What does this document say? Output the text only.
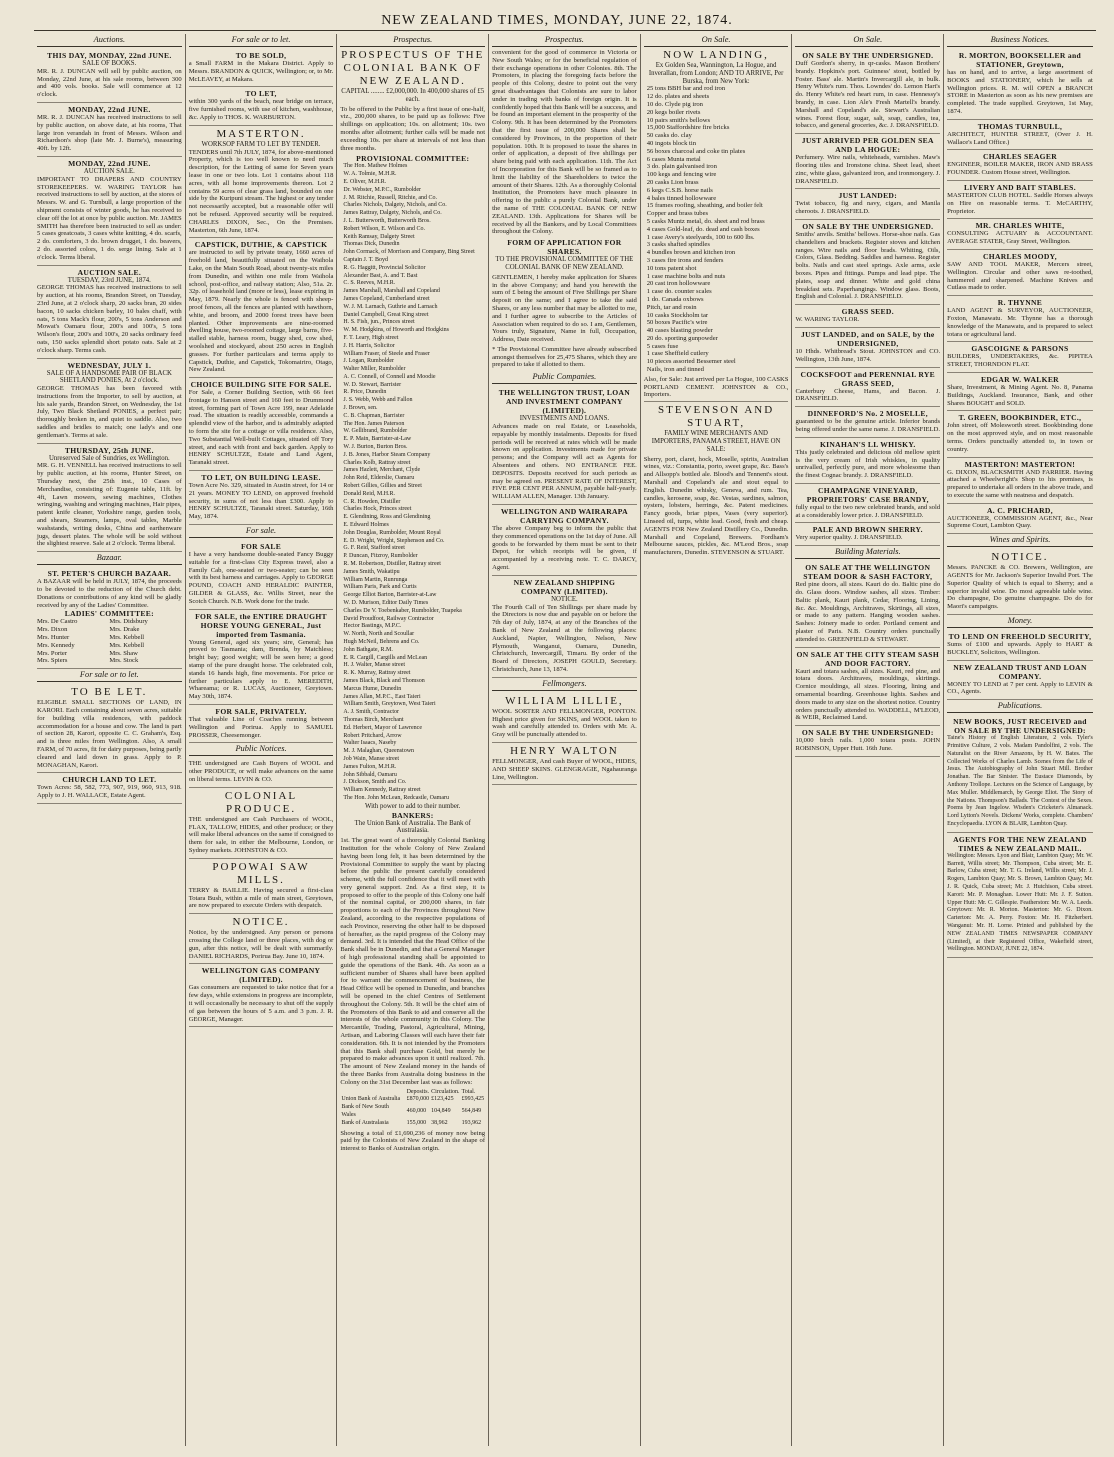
NEW ZEALAND TIMES, MONDAY, JUNE 22, 1874.
Auctions.
THIS DAY, MONDAY, 22nd JUNE.
SALE OF BOOKS.

MR. R. J. DUNCAN will sell by public auction, on Monday, 22nd June, at his sale rooms, between 300 and 400 vols. books. Sale will commence at 12 o'clock.

MONDAY, 22nd JUNE.

MR. R. J. DUNCAN has received instructions to sell by public auction, on above date, at his rooms, That large iron verandah in front of Messrs. Wilson and Richardson's shop (late Mr. J. Burne's), measuring 40ft. by 12ft.

MONDAY, 22nd JUNE.
AUCTION SALE.

IMPORTANT TO DRAPERS AND COUNTRY STOREKEEPERS. W. WARING TAYLOR has received instructions to sell by auction, at the stores of Messrs. W. and G. Turnbull, a large proportion of the shipment consists of winter goods, he has received to clear off the lot at once by public auction. Mr. JAMES SMITH has therefore been instructed to sell as under: 5 cases greatcoats, 3 cases white knitting, 4 do. scarfs, 2 do. comforters, 3 do. brown drugget, 1 do. beavers, 2 do. assorted colors, 1 do. serge lining. Sale at 1 o'clock. Terms liberal.

AUCTION SALE.
TUESDAY, 23rd JUNE, 1874.

GEORGE THOMAS has received instructions to sell by auction, at his rooms, Brandon Street, on Tuesday, 23rd June, at 2 o'clock sharp, 20 sacks bran, 20 sides bacon, 10 sacks chicken barley, 10 bales chaff, with oats, 5 tons Mack's flour, 200's, 5 tons Anderson and Mowat's Oamaru flour, 200's and 100's, 5 tons Wilson's flour, 200's and 100's, 20 sacks ordinary feed oats, 150 sacks splendid short potato oats. Sale at 2 o'clock sharp. Terms cash.

WEDNESDAY, JULY 1.
SALE OF A HANDSOME PAIR OF BLACK SHETLAND PONIES, At 2 o'clock.

GEORGE THOMAS has been favored with instructions from the Importer, to sell by auction, at his sale yards, Brandon Street, on Wednesday, the 1st July, Two Black Shetland PONIES, a perfect pair; thoroughly broken in, and quiet to saddle. Also, two saddles and bridles to match; one lady's and one gentleman's. Terms at sale.

THURSDAY, 25th JUNE.
Unreserved Sale of Sundries, ex Wellington.

MR. G. H. VENNELL has received instructions to sell by public auction, at his rooms, Hunter Street, on Thursday next, the 25th inst., 10 Cases of Merchandise, consisting of: Eugenie table, 11ft. by 4ft, Lawn mowers, sewing machines, Clothes wringing, washing and wringing machines, Hair pipes, patent knife cleaner, Yorkshire range, garden tools, and shears, Steamers, lamps, oval tables, Marble washstands, writing desks, China and earthenware jugs, dessert plates. The whole will be sold without the slightest reserve. Sale at 2 o'clock. Terms liberal.

Bazaar.
ST. PETER'S CHURCH BAZAAR.

A BAZAAR will be held in JULY, 1874, the proceeds to be devoted to the reduction of the Church debt. Donations or contributions of any kind will be gladly received by any of the Ladies' Committee.

LADIES' COMMITTEE:
Mrs. De Castro	Mrs. Didsbury
Mrs. Dixon	Mrs. Drake
Mrs. Hunter	Mrs. Kebbell
Mrs. Kennedy	Mrs. Kebbell
Mrs. Porter	Mrs. Shaw
Mrs. Spiers	Mrs. Stock
For sale or to let.
TO BE LET.

ELIGIBLE SMALL SECTIONS OF LAND, IN KARORI. Each containing about seven acres, suitable for building villa residences, with paddock accommodation for a house and cow. The land is part of section 28, Karori, opposite C. C. Graham's, Esq. and is three miles from Wellington. Also, A small FARM, of 70 acres, fit for dairy purposes, being partly cleared and laid down in grass. Apply to P. MONAGHAN, Karori.

CHURCH LAND TO LET.

Town Acres: 58, 582, 773, 907, 919, 960, 913, 918. Apply to J. H. WALLACE, Estate Agent.

For sale or to let.
TO BE SOLD,

a Small FARM in the Makara District. Apply to Messrs. BRANDON & QUICK, Wellington; or, to Mr. McLEAVEY, at Makara.

TO LET,

within 300 yards of the beach, near bridge on terrace, five furnished rooms, with use of kitchen, washhouse, &c. Apply to THOS. K. WARBURTON.

MASTERTON.
WORKSOP FARM TO LET BY TENDER.

TENDERS until 7th JULY, 1874, for above-mentioned Property, which is too well known to need much description, for the Letting of same for Seven years lease in one or two lots. Lot 1 contains about 118 acres, with all home improvements thereon. Lot 2 contains 59 acres of clear grass land, bounded on one side by the Kuripuni stream. The highest or any tender not necessarily accepted, but a reasonable offer will not be refused. Approved security will be required. CHARLES DIXON, Sec., On the Premises. Masterton, 6th June, 1874.

CAPSTICK, DUTHIE, & CAPSTICK

are instructed to sell by private treaty, 1660 acres of freehold land, beautifully situated on the Waihola Lake, on the Main South Road, about twenty-six miles from Dunedin, and within one mile from Waihola school, post-office, and railway station; Also, 51a. 2r. 32p. of leasehold land (more or less), lease expiring in May, 1879. Nearly the whole is fenced with sheep-proof fences, all the fences are planted with hawthorn, white, and broom, and 2000 forest trees have been planted. Other improvements are nine-roomed dwelling house, two-roomed cottage, large barns, five-stalled stable, harness room, buggy shed, cow shed, woolshed and stockyard, about 250 acres in English grasses. For further particulars and terms apply to Capstick, Duthie, and Capstick, Tokomairiro, Otago, New Zealand.

CHOICE BUILDING SITE FOR SALE.

For Sale, a Corner Building Section, with 66 feet frontage to Hanson street and 160 feet to Drummond street, forming part of Town Acre 199, near Adelaide road. The situation is readily accessible, commands a splendid view of the harbor, and is admirably adapted to form the site for a cottage or villa residence. Also, Two Substantial Well-built Cottages, situated off Tory street, and each with front and back garden. Apply to HENRY SCHULTZE, Estate and Land Agent, Taranaki street.

TO LET, ON BUILDING LEASE.

Town Acre No. 329, situated in Austin street, for 14 or 21 years. MONEY TO LEND, on approved freehold security, in sums of not less than £300. Apply to HENRY SCHULTZE, Taranaki street. Saturday, 16th May, 1874.

For sale.
FOR SALE

I have a very handsome double-seated Fancy Buggy suitable for a first-class City Express travel, also a Family Cab, one-seated or two-seater; can be seen with its best harness and carriages. Apply to GEORGE POUND, COACH AND HERALDIC PAINTER, GILDER & GLASS, &c. Willis Street, near the Scotch Church. N.B. Work done for the trade.

FOR SALE, the ENTIRE DRAUGHT HORSE YOUNG GENERAL, Just imported from Tasmania.

Young General, aged six years; sire, General; has proved to Tasmania; dam, Brenda, by Matchless; bright bay; good weight; will be seen here; a good stamp of the pure draught horse. The celebrated colt, stands 16 hands high, fine movements. For price or further particulars apply to E. MEREDITH, Whareama; or R. LUCAS, Auctioneer, Greytown. May 30th, 1874.

FOR SALE, PRIVATELY.

That valuable Line of Coaches running between Wellington and Porirua. Apply to SAMUEL PROSSER, Cheesemonger.

Public Notices.

THE undersigned are Cash Buyers of WOOL and other PRODUCE, or will make advances on the same on liberal terms. LEVIN & CO.

COLONIAL PRODUCE.

THE undersigned are Cash Purchasers of WOOL, FLAX, TALLOW, HIDES, and other produce; or they will make liberal advances on the same if consigned to them for sale, in either the Melbourne, London, or Sydney markets. JOHNSTON & CO.

POPOWAI SAW MILLS.

TERRY & BAILLIE. Having secured a first-class Totara Bush, within a mile of main street, Greytown, are now prepared to execute Orders with despatch.

NOTICE.

Notice, by the undersigned. Any person or persons crossing the College land or three places, with dog or gun, after this notice, will be dealt with summarily. DANIEL RICHARDS, Porirua Bay. June 10, 1874.

WELLINGTON GAS COMPANY (LIMITED).

Gas consumers are requested to take notice that for a few days, while extensions in progress are incomplete, it will occasionally be necessary to shut off the supply of gas between the hours of 5 a.m. and 3 p.m. J. R. GEORGE, Manager.

Prospectus.
PROSPECTUS OF THE COLONIAL BANK OF NEW ZEALAND.
CAPITAL ........ £2,000,000. In 400,000 shares of £5 each.

To be offered to the Public by a first issue of one-half, viz., 200,000 shares, to be paid up as follows: Five shillings on application; 10s. on allotment; 10s. two months after allotment; further calls will be made not exceeding 10s. per share at intervals of not less than three months.

PROVISIONAL COMMITTEE:
The Hon. Mathew Holmes
W. A. Tolmie, M.H.R.
E. Oliver, M.H.R.
Dr. Webster, M.P.C., Rumbolder
J. M. Ritchie, Russell, Ritchie, and Co.
Charles Nichols, Dalgety, Nichols, and Co.
James Rattray, Dalgety, Nichols, and Co.
J. L. Butterworth, Butterworth Bros.
Robert Wilson, E. Wilson and Co.
Keith Ramsay, Dalgety Street
Thomas Dick, Dunedin
John Cormack, of Morrison and Company, Bing Street
Captain J. T. Boyd
R. G. Haggitt, Provincial Solicitor
Alexander Bast, A. and T. Bast
C. S. Reeves, M.H.R.
James Marshall, Marshall and Copeland
James Copeland, Cumberland street
W. J. M. Larnach, Guthrie and Larnach
Daniel Campbell, Great King street
H. S. Fish, jun., Princes street
W. M. Hodgkins, of Howorth and Hodgkins
F. T. Leary, High street
J. H. Harris, Solicitor
William Fraser, of Steele and Fraser
J. Logan, Rumbolder
Walter Miller, Rumbolder
A. C. Connell, of Connell and Moodie
W. D. Stewart, Barrister
R. Price, Dunedin
J. S. Webb, Webb and Fallon
J. Brown, sen.
C. B. Chapman, Barrister
The Hon. James Paterson
W. Gellibrand, Rumbolder
E. P. Main, Barrister-at-Law
W. J. Burton, Burton Bros.
J. B. Jones, Harbor Steam Company
Charles Kolb, Rattray street
James Hazlett, Merchant, Clyde
John Reid, Elderslie, Oamaru
Robert Gillies, Gillies and Street
Donald Reid, M.H.R.
C. R. Howden, Distiller
Charles Hock, Princes street
E. Glendining, Ross and Glendining
E. Edward Holmes
John Douglas, Rumbolder, Mount Royal
E. D. Wright, Wright, Stephenson and Co.
G. F. Reid, Stafford street
P. Duncan, Fitzroy, Rumbolder
R. M. Robertson, Distiller, Rattray street
James Smith, Wakatipu
William Martin, Runrunga
William Paris, Park and Curtis
George Elliot Barton, Barrister-at-Law
W. D. Murison, Editor Daily Times
Charles De V. Toebenkaber, Rumbolder, Tuapeka
David Proudfoot, Railway Contractor
Hector Bastings, M.P.C.
W. North, North and Scoullar
Hugh McNeil, Behrens and Co.
John Bathgate, R.M.
E. R. Cargill, Cargills and McLean
H. J. Walter, Manse street
R. K. Murray, Rattray street
James Black, Black and Thomson
Marcus Hume, Dunedin
James Allan, M.P.C., East Taieri
William Smith, Greytown, West Taieri
A. J. Smith, Contractor
Thomas Birch, Merchant
Ed. Herbert, Mayor of Lawrence
Robert Pritchard, Arrow
Walter Isaacs, Naseby
M. J. Malaghan, Queenstown
Job Wain, Manse street
James Fulton, M.H.R.
John Sibbald, Oamaru
J. Dickson, Smith and Co.
William Kennedy, Rattray street
The Hon. John McLean, Redcastle, Oamaru
With power to add to their number.
BANKERS:
The Union Bank of Australia. The Bank of Australasia.

1st. The great want of a thoroughly Colonial Banking Institution for the whole Colony of New Zealand having been long felt, it has been determined by the Provisional Committee to supply the want by placing before the public the present carefully considered scheme, with the full confidence that it will meet with very general support. 2nd. As a first step, it is proposed to offer to the people of this Colony one half of the nominal capital, or 200,000 shares, in fair proportions to each of the Provinces throughout New Zealand, according to the respective populations of each Province, reserving the other half to be disposed of hereafter, as the rapid progress of the Colony may demand. 3rd. It is intended that the Head Office of the Bank shall be in Dunedin, and that a General Manager of high professional standing shall be appointed to guide the operations of the Bank. 4th. As soon as a sufficient number of Shares shall have been applied for to warrant the commencement of business, the Head Office will be opened in Dunedin, and branches will be opened in the chief Centres of Settlement throughout the Colony. 5th. It will be the chief aim of the Promoters of this Bank to aid and conserve all the interests of the whole community in this Colony. The Mercantile, Trading, Pastoral, Agricultural, Mining, Artisan, and Laboring Classes will each have their fair consideration. 6th. It is not intended by the Promoters that this Bank shall purchase Gold, but merely be prepared to make advances upon it until realized. 7th. The amount of New Zealand money in the hands of the three Banks from Australia doing business in the Colony on the 31st December last was as follows:

	Deposits.	Circulation.	Total.
Union Bank of Australia	£870,000	£123,425	£993,425
Bank of New South Wales	460,000	104,849	564,849
Bank of Australasia	155,000	38,962	193,962

Showing a total of £1,690,236 of money now being paid by the Colonists of New Zealand in the shape of interest to Banks of Australian origin.

Prospectus.

convenient for the good of commerce in Victoria or New South Wales; or for the beneficial regulation of their exchange operations in other Colonies. 8th. The Promoters, in placing the foregoing facts before the people of this Colony, desire to point out the very great disadvantages that Colonists are sure to labor under in trading with banks of foreign origin. It is confidently hoped that this Bank will be a success, and be found an important element in the prosperity of the Colony. 9th. It has been determined by the Promoters that the first issue of 200,000 Shares shall be considered by Provinces, in the proportion of their population. 10th. It is proposed to issue the shares in order of application, a deposit of five shillings per share being paid with each application. 11th. The Act of Incorporation for this Bank will be so framed as to limit the liability of the Shareholders to twice the amount of their Shares. 12th. As a thoroughly Colonial Institution, the Promoters have much pleasure in offering to the public a purely Colonial Bank, under the name of THE COLONIAL BANK OF NEW ZEALAND. 13th. Applications for Shares will be received by all the Bankers, and by Local Committees throughout the Colony.

FORM OF APPLICATION FOR SHARES.
TO THE PROVISIONAL COMMITTEE OF THE COLONIAL BANK OF NEW ZEALAND.

GENTLEMEN, I hereby make application for Shares in the above Company; and hand you herewith the sum of £ being the amount of Five Shillings per Share deposit on the same; and I agree to take the said Shares, or any less number that may be allotted to me, and I further agree to subscribe to the Articles of Association when required to do so. I am, Gentlemen, Yours truly, Signature, Name in full, Occupation, Address, Date received.

* The Provisional Committee have already subscribed amongst themselves for 25,475 Shares, which they are prepared to take if allotted to them.

Public Companies.
THE WELLINGTON TRUST, LOAN AND INVESTMENT COMPANY (LIMITED).
INVESTMENTS AND LOANS.

Advances made on real Estate, or Leaseholds, repayable by monthly instalments. Deposits for fixed periods will be received at rates which will be made known on application. Investments made for private persons; and the Company will act as Agents for Absentees and others. NO ENTRANCE FEE. DEPOSITS. Deposits received for such periods as may be agreed on. PRESENT RATE OF INTEREST, FIVE PER CENT PER ANNUM, payable half-yearly. WILLIAM ALLEN, Manager. 13th January.

WELLINGTON AND WAIRARAPA CARRYING COMPANY.

The above Company beg to inform the public that they commenced operations on the 1st day of June. All goods to be forwarded by them must be sent to their Depot, for which receipts will be given, if accompanied by a receiving note. T. C. DARCY, Agent.

NEW ZEALAND SHIPPING COMPANY (LIMITED).
NOTICE.

The Fourth Call of Ten Shillings per share made by the Directors is now due and payable on or before the 7th day of July, 1874, at any of the Branches of the Bank of New Zealand at the following places: Auckland, Napier, Wellington, Nelson, New Plymouth, Wanganui, Oamaru, Dunedin, Christchurch, Invercargill, Timaru. By order of the Board of Directors, JOSEPH GOULD, Secretary. Christchurch, June 13, 1874.

Fellmongers.
WILLIAM LILLIE,

WOOL SORTER AND FELLMONGER, PONTON. Highest price given for SKINS, and WOOL taken to wash and carefully attended to. Orders with Mr. A. Gray will be punctually attended to.

HENRY WALTON

FELLMONGER, And cash Buyer of WOOL, HIDES, AND SHEEP SKINS. GLENGRAGIE, Ngahauranga Line, Wellington.

On Sale.
NOW LANDING,
Ex Golden Sea, Wannington, La Hogue, and Inverallan, from London; AND TO ARRIVE, Per Burska, from New York:
25 tons BBH bar and rod iron
12 do. plates and sheets
10 do. Clyde pig iron
20 kegs boiler rivets
10 pairs smith's bellows
15,000 Staffordshire fire bricks
50 casks do. clay
40 ingots block tin
56 boxes charcoal and coke tin plates
6 cases Munta metal
3 do. plain galvanised iron
100 kegs and fencing wire
20 casks Lion brass
6 kegs C.S.B. horse nails
4 bales tinned hollowware
15 frames roofing, sheathing, and boiler felt
Copper and brass tubes
5 casks Muntz metal, do. sheet and rod brass
4 cases Gold-leaf, do. dead and cash boxes
1 case Avery's steelyards, 100 to 600 lbs.
3 casks shafted spindles
4 bundles brown and kitchen iron
3 cases fire irons and fenders
10 tons patent shot
1 case machine bolts and nuts
20 cast iron hollowware
1 case do. counter scales
1 do. Canada oxbows
Pitch, tar and rosin
10 casks Stockholm tar
50 boxes Pacific's wire
40 cases blasting powder
20 do. sporting gunpowder
5 cases fuse
1 case Sheffield cutlery
10 pieces assorted Bessemer steel
Nails, iron and tinned

Also, for Sale: Just arrived per La Hogue, 100 CASKS PORTLAND CEMENT. JOHNSTON & CO., Importers.

STEVENSON AND STUART,
FAMILY WINE MERCHANTS AND IMPORTERS, PANAMA STREET, HAVE ON SALE:

Sherry, port, claret, hock, Moselle, spirits, Australian wines, viz.: Constantia, porto, sweet grape, &c. Bass's and Allsopp's bottled ale. Blood's and Tennent's stout. Marshall and Copeland's ale and stout equal to English. Dunedin whisky, Geneva, and rum. Tea, candles, kerosene, soap, &c. Vestas, sardines, salmon, oysters, lobsters, herrings, &c. Patent medicines. Fancy goods, briar pipes, Vases (very superior). Linseed oil, turps, white lead. Good, fresh and cheap. AGENTS FOR New Zealand Distillery Co., Dunedin. Marshall and Copeland, Brewers. Fordham's Melbourne sauces, pickles, &c. M'Leod Bros., soap manufacturers, Dunedin. STEVENSON & STUART.

On Sale.
ON SALE BY THE UNDERSIGNED.

Duff Gordon's sherry, in qr-casks. Mason Brothers' brandy. Hopkins's port. Guinness' stout, bottled by Foster. Bass' ale. Martin's Invercargill ale, in bulk. Henry White's rum. Thos. Lowndes' do. Lemon Hart's do. Henry White's red heart rum, in case. Hennessy's brandy, in case. Lion Ale's Fresh Martell's brandy. Marshall and Copeland's ale. Stewart's Australian wines. Forest flour, sugar, salt, soap, candles, tea, tobacco, and general groceries, &c. J. DRANSFIELD.

JUST ARRIVED PER GOLDEN SEA AND LA HOGUE:

Perfumery. Wire nails, whiteheads, varnishes. Maw's flooring tiles and Ironstone china. Sheet lead, sheet zinc, white glass, galvanized iron, and ironmongery. J. DRANSFIELD.

JUST LANDED:

Twist tobacco, fig and navy, cigars, and Manila cheroots. J. DRANSFIELD.

ON SALE BY THE UNDERSIGNED.

Smiths' anvils. Smiths' bellows. Horse-shoe nails. Gas chandeliers and brackets. Register stoves and kitchen ranges. Wire nails and floor brads. Whiting, Oils, Colors, Glass. Bedding. Saddles and harness. Register bolts. Nails and cast steel springs. Axle arms, axle boxes. Pipes and fittings. Pumps and lead pipe. The plates, soap and dinner. White and gold china breakfast sets. Paperhangings. Window glass. Boots, English and Colonial. J. DRANSFIELD.

GRASS SEED.

W. WARING TAYLOR.

JUST LANDED, and on SALE, by the UNDERSIGNED,

10 Hhds. Whitbread's Stout. JOHNSTON and CO. Wellington, 13th June, 1874.

COCKSFOOT and PERENNIAL RYE GRASS SEED,

Canterbury Cheese, Hams, and Bacon. J. DRANSFIELD.

DINNEFORD'S No. 2 MOSELLE,

guaranteed to be the genuine article. Inferior brands being offered under the same name. J. DRANSFIELD.

KINAHAN'S LL WHISKY.

This justly celebrated and delicious old mellow spirit is the very cream of Irish whiskies, in quality unrivalled, perfectly pure, and more wholesome than the finest Cognac brandy. J. DRANSFIELD.

CHAMPAGNE VINEYARD, PROPRIETORS' CASE BRANDY,

fully equal to the two new celebrated brands, and sold at a considerably lower price. J. DRANSFIELD.

PALE AND BROWN SHERRY.

Very superior quality. J. DRANSFIELD.

Building Materials.
ON SALE AT THE WELLINGTON STEAM DOOR & SASH FACTORY,

Red pine doors, all sizes. Kauri do do. Baltic pine do do. Glass doors. Window sashes, all sizes. Timber: Baltic plank, Kauri plank, Cedar, Flooring, Lining, &c. &c. Mouldings, Architraves, Skirtings, all sizes, or made to any pattern. Hanging wooden sashes. Sashes: Joinery made to order. Portland cement and plaster of Paris. N.B. Country orders punctually attended to. GREENFIELD & STEWART.

ON SALE AT THE CITY STEAM SASH AND DOOR FACTORY.

Kauri and totara sashes, all sizes. Kauri, red pine, and totara doors. Architraves, mouldings, skirtings. Cornice mouldings, all sizes. Flooring, lining and ornamental boarding. Greenhouse lights. Sashes and doors made to any size on the shortest notice. Country orders punctually attended to. WADDELL, M'LEOD, & WEIR, Reclaimed Land.

ON SALE BY THE UNDERSIGNED:

10,000 birch rails. 1,000 totara posts. JOHN ROBINSON, Upper Hutt. 16th June.

Business Notices.
R. MORTON, BOOKSELLER and STATIONER, Greytown,

has on hand, and to arrive, a large assortment of BOOKS and STATIONERY, which he sells at Wellington prices. R. M. will OPEN a BRANCH STORE in Masterton as soon as his new premises are completed. The trade supplied. Greytown, 1st May, 1874.

THOMAS TURNBULL,

ARCHITECT, HUNTER STREET, (Over J. H. Wallace's Land Office.)

CHARLES SEAGER

ENGINEER, BOILER MAKER, IRON AND BRASS FOUNDER. Custom House street, Wellington.

LIVERY AND BAIT STABLES.

MASTERTON CLUB HOTEL. Saddle Horses always on Hire on reasonable terms. T. McCARTHY, Proprietor.

MR. CHARLES WHITE,

CONSULTING ACTUARY & ACCOUNTANT. AVERAGE STATER, Gray Street, Wellington.

CHARLES MOODY,

SAW AND TOOL MAKER, Mercers street, Wellington. Circular and other saws re-toothed, hammered and sharpened. Machine Knives and Cutlass made to order.

R. THYNNE

LAND AGENT & SURVEYOR, AUCTIONEER, Foxton, Manawatu. Mr. Thynne has a thorough knowledge of the Manawatu, and is prepared to select totara or agricultural land.

GASCOIGNE & PARSONS

BUILDERS, UNDERTAKERS, &c. PIPITEA STREET, THORNDON FLAT.

EDGAR W. WALKER

Share, Investment, & Mining Agent. No. 8, Panama Buildings, Auckland. Insurance, Bank, and other Shares BOUGHT and SOLD.

T. GREEN, BOOKBINDER, ETC.,

John street, off Molesworth street. Bookbinding done on the most approved style, and on most reasonable terms. Orders punctually attended to, in town or country.

MASTERTON! MASTERTON!

G. DIXON, BLACKSMITH AND FARRIER. Having attached a Wheelwright's Shop to his premises, is prepared to undertake all orders in the above trade, and to execute the same with neatness and despatch.

A. C. PRICHARD,

AUCTIONEER, COMMISSION AGENT, &c., Near Supreme Court, Lambton Quay.

Wines and Spirits.
NOTICE.

Messrs. PANCKE & CO. Brewers, Wellington, are AGENTS for Mr. Jackson's Superior Invalid Port. The Superior Quality of which is equal to Sherry; and a superior invalid wine. Do most agreeable table wine. Do champagne, Do genuine champagne. Do do for Maori's campaigns.

Money.
TO LEND ON FREEHOLD SECURITY,

Sums of £100 and upwards. Apply to HART & BUCKLEY, Solicitors, Wellington.

NEW ZEALAND TRUST AND LOAN COMPANY.

MONEY TO LEND at 7 per cent. Apply to LEVIN & CO., Agents.

Publications.
NEW BOOKS, JUST RECEIVED and ON SALE BY THE UNDERSIGNED:

Taine's History of English Literature, 2 vols. Tyler's Primitive Culture, 2 vols. Madam Pandolfini, 2 vols. The Naturalist on the River Amazons, by H. W. Bates. The Collected Works of Charles Lamb. Scenes from the Life of Jesus. The Autobiography of John Stuart Mill. Brother Jonathan. The Bar Sinister. The Eustace Diamonds, by Anthony Trollope. Lectures on the Science of Language, by Max Muller. Middlemarch, by George Eliot. The Story of the Nations. Thompson's Ballads. The Contest of the Sexes. Poems by Jean Ingelow. Wisden's Cricketer's Almanack. Lord Lytton's Novels. Dickens' Works, complete. Chambers' Encyclopaedia. LYON & BLAIR, Lambton Quay.

AGENTS FOR THE NEW ZEALAND TIMES & NEW ZEALAND MAIL.

Wellington: Messrs. Lyon and Blair, Lambton Quay; Mr. W. Barrett, Willis street; Mr. Thompson, Cuba street; Mr. E. Barlow, Cuba street; Mr. T. G. Ireland, Willis street; Mr. J. Rogers, Lambton Quay; Mr. S. Brown, Lambton Quay; Mr. J. R. Quick, Cuba street; Mr. J. Hutchison, Cuba street. Karori: Mr. P. Monaghan. Lower Hutt: Mr. J. F. Sutton. Upper Hutt: Mr. C. Gillespie. Featherston: Mr. W. A. Leeds. Greytown: Mr. R. Morton. Masterton: Mr. G. Dixon. Carterton: Mr. A. Perry. Foxton: Mr. H. Fitzherbert. Wanganui: Mr. H. Lorne. Printed and published by the NEW ZEALAND TIMES NEWSPAPER COMPANY (Limited), at their Registered Office, Wakefield street, Wellington. MONDAY, JUNE 22, 1874.
